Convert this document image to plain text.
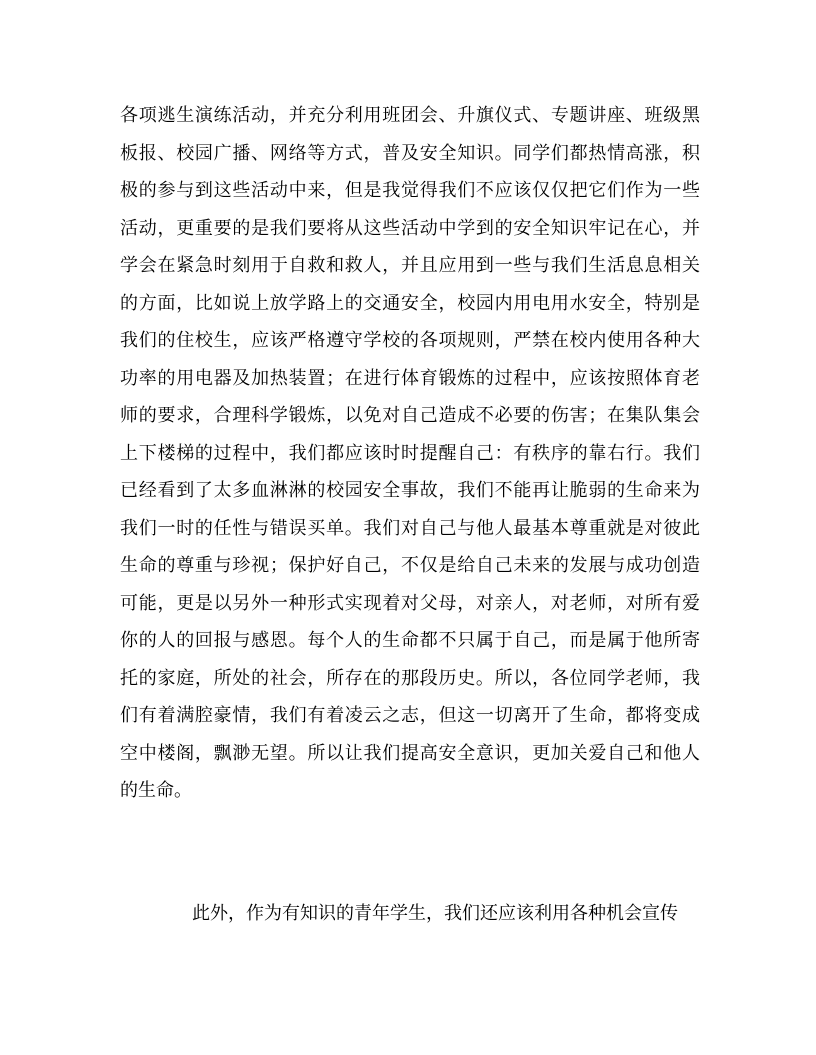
各项逃生演练活动，并充分利用班团会、升旗仪式、专题讲座、班级黑
板报、校园广播、网络等方式，普及安全知识。同学们都热情高涨，积
极的参与到这些活动中来，但是我觉得我们不应该仅仅把它们作为一些
活动，更重要的是我们要将从这些活动中学到的安全知识牢记在心，并
学会在紧急时刻用于自救和救人，并且应用到一些与我们生活息息相关
的方面，比如说上放学路上的交通安全，校园内用电用水安全，特别是
我们的住校生，应该严格遵守学校的各项规则，严禁在校内使用各种大
功率的用电器及加热装置；在进行体育锻炼的过程中，应该按照体育老
师的要求，合理科学锻炼，以免对自己造成不必要的伤害；在集队集会
上下楼梯的过程中，我们都应该时时提醒自己：有秩序的靠右行。我们
已经看到了太多血淋淋的校园安全事故，我们不能再让脆弱的生命来为
我们一时的任性与错误买单。我们对自己与他人最基本尊重就是对彼此
生命的尊重与珍视；保护好自己，不仅是给自己未来的发展与成功创造
可能，更是以另外一种形式实现着对父母，对亲人，对老师，对所有爱
你的人的回报与感恩。每个人的生命都不只属于自己，而是属于他所寄
托的家庭，所处的社会，所存在的那段历史。所以，各位同学老师，我
们有着满腔豪情，我们有着凌云之志，但这一切离开了生命，都将变成
空中楼阁，飘渺无望。所以让我们提高安全意识，更加关爱自己和他人
的生命。
此外，作为有知识的青年学生，我们还应该利用各种机会宣传
